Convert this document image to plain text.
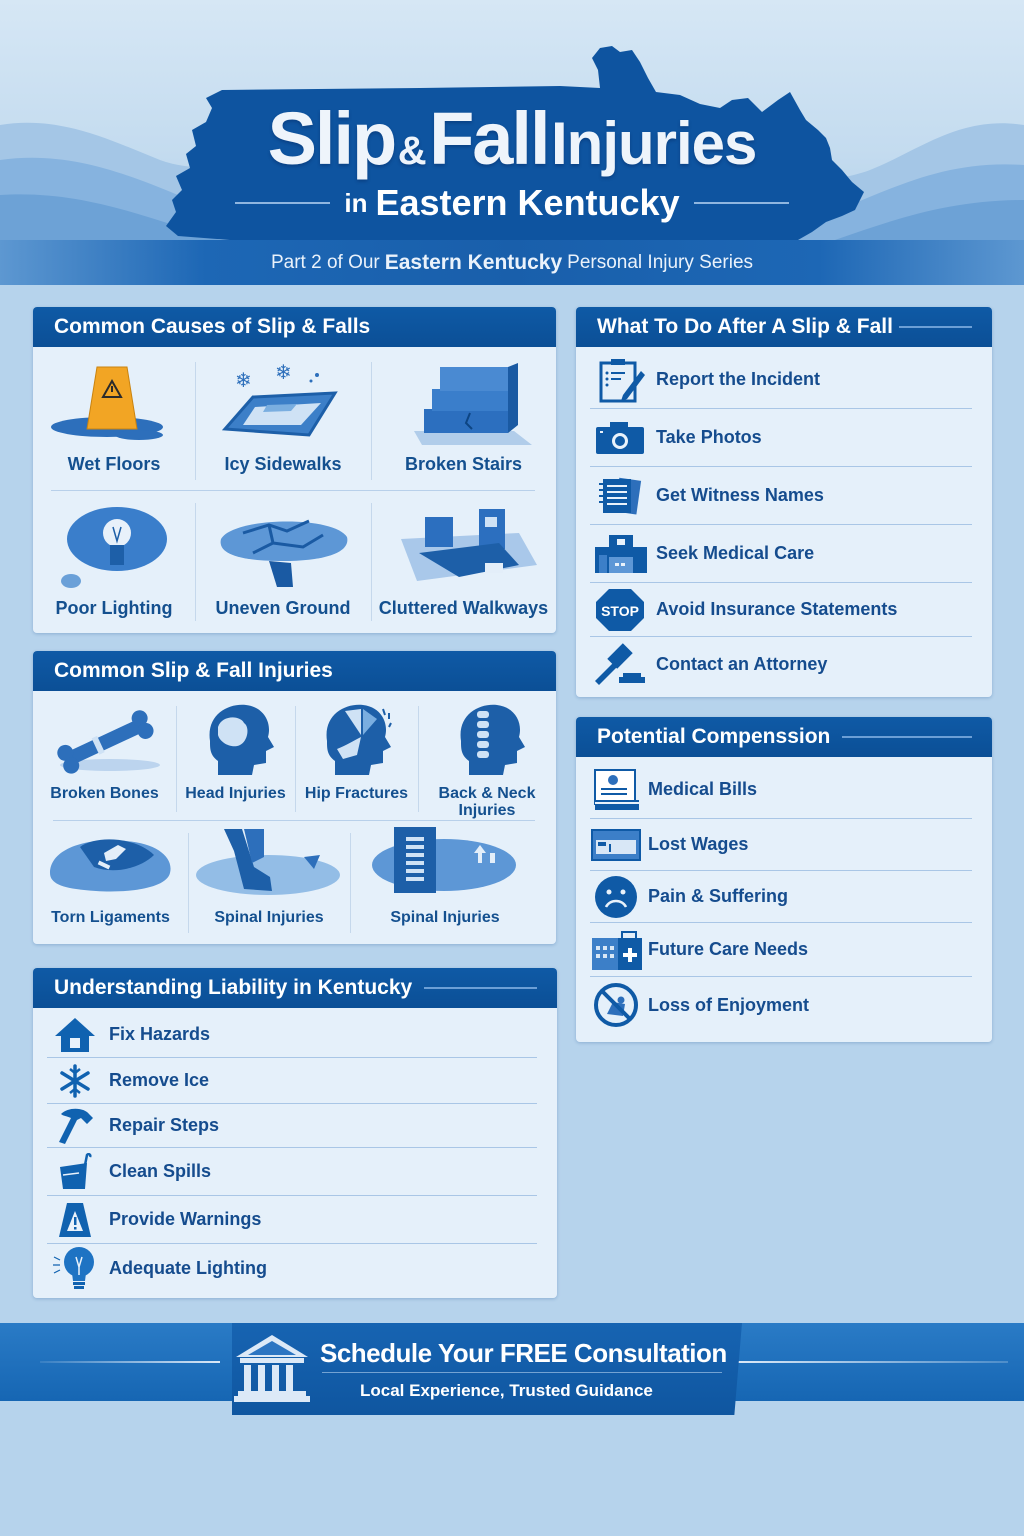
Slip & Fall Injuries
in Eastern Kentucky
Part 2 of Our Eastern Kentucky Personal Injury Series
Common Causes of Slip & Falls
Wet Floors
❄ ❄
Icy Sidewalks	Broken Stairs
Poor Lighting Uneven Ground Cluttered Walkways
Common Slip & Fall Injuries
Broken Bones Head Injuries Hip Fractures Back & Neck
Injuries
Torn Ligaments	Spinal Injuries	Spinal Injuries
Understanding Liability in Kentucky
Fix Hazards
Remove Ice
Repair Steps
Clean Spills
Provide Warnings
Adequate Lighting
What To Do After A Slip & Fall
Report the Incident
Take Photos
Get Witness Names
Seek Medical Care
STOP Avoid Insurance Statements
Contact an Attorney
Potential Compenssion
Medical Bills
Lost Wages
Pain & Suffering
Future Care Needs
Loss of Enjoyment
Schedule Your FREE Consultation
Local Experience, Trusted Guidance
